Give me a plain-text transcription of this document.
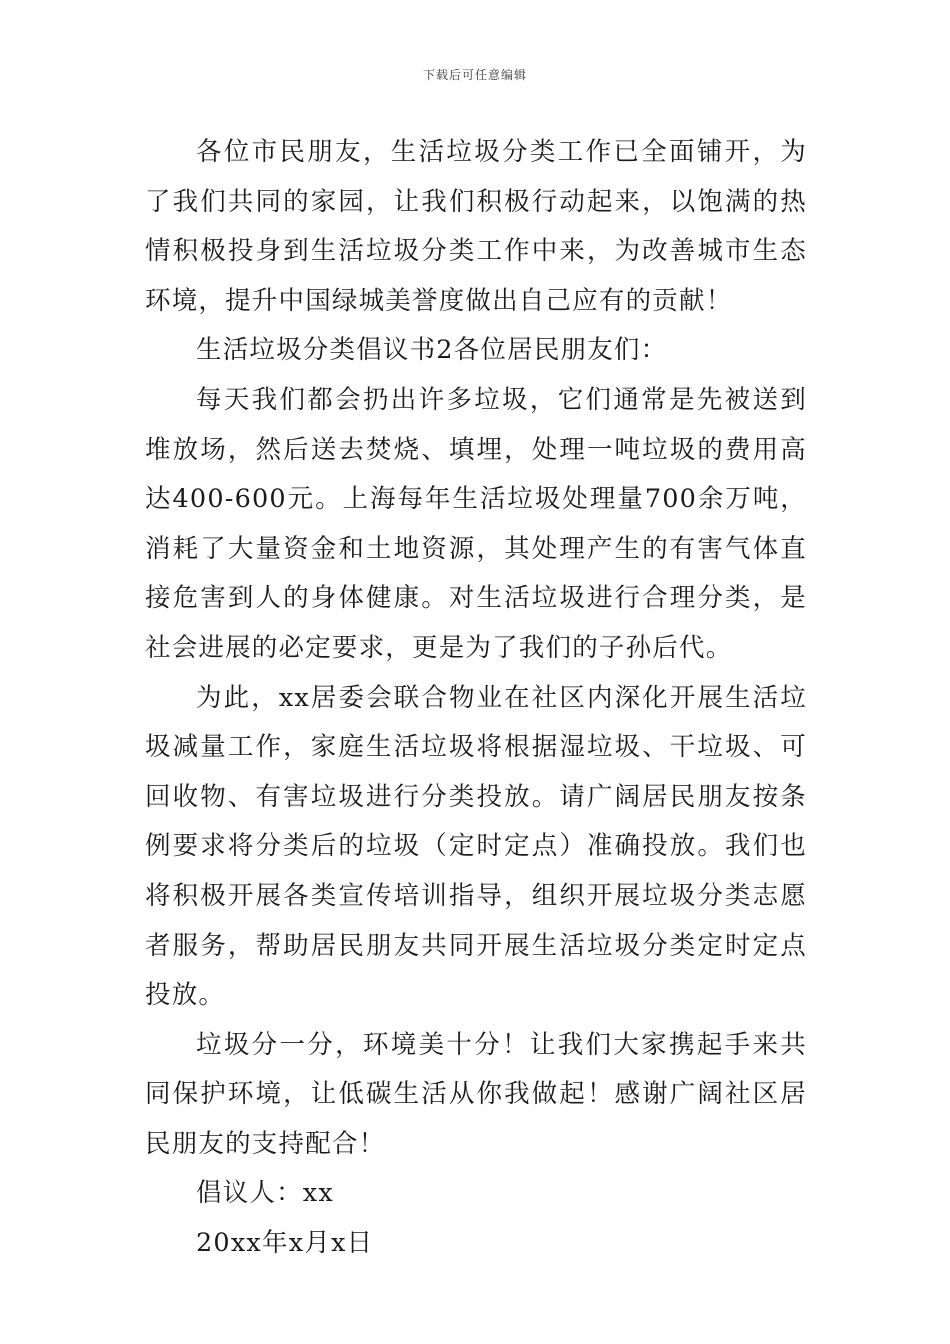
下载后可任意编辑

各位市民朋友，生活垃圾分类工作已全面铺开，为了我们共同的家园，让我们积极行动起来，以饱满的热情积极投身到生活垃圾分类工作中来，为改善城市生态环境，提升中国绿城美誉度做出自己应有的贡献！

生活垃圾分类倡议书2各位居民朋友们：

每天我们都会扔出许多垃圾，它们通常是先被送到堆放场，然后送去焚烧、填埋，处理一吨垃圾的费用高达400-600元。上海每年生活垃圾处理量700余万吨，消耗了大量资金和土地资源，其处理产生的有害气体直接危害到人的身体健康。对生活垃圾进行合理分类，是社会进展的必定要求，更是为了我们的子孙后代。

为此，xx居委会联合物业在社区内深化开展生活垃圾减量工作，家庭生活垃圾将根据湿垃圾、干垃圾、可回收物、有害垃圾进行分类投放。请广阔居民朋友按条例要求将分类后的垃圾（定时定点）准确投放。我们也将积极开展各类宣传培训指导，组织开展垃圾分类志愿者服务，帮助居民朋友共同开展生活垃圾分类定时定点投放。

垃圾分一分，环境美十分！让我们大家携起手来共同保护环境，让低碳生活从你我做起！感谢广阔社区居民朋友的支持配合！

倡议人：xx

20xx年x月x日
